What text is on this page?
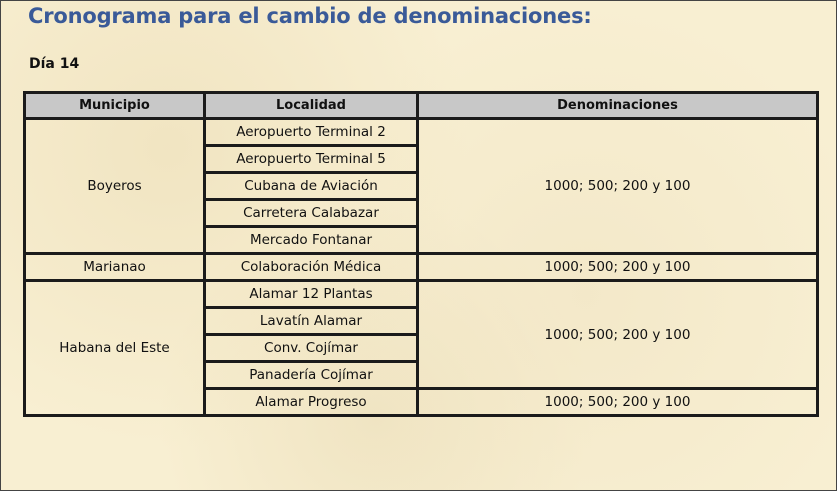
Cronograma para el cambio de denominaciones:
Día 14
Municipio	Localidad	Denominaciones
Boyeros	Aeropuerto Terminal 2	1000; 500; 200 y 100
	Aeropuerto Terminal 5	
	Cubana de Aviación	
	Carretera Calabazar	
	Mercado Fontanar	
Marianao	Colaboración Médica	1000; 500; 200 y 100
Habana del Este	Alamar 12 Plantas	1000; 500; 200 y 100
	Lavatín Alamar	
	Conv. Cojímar	
	Panadería Cojímar	
	Alamar Progreso	1000; 500; 200 y 100
